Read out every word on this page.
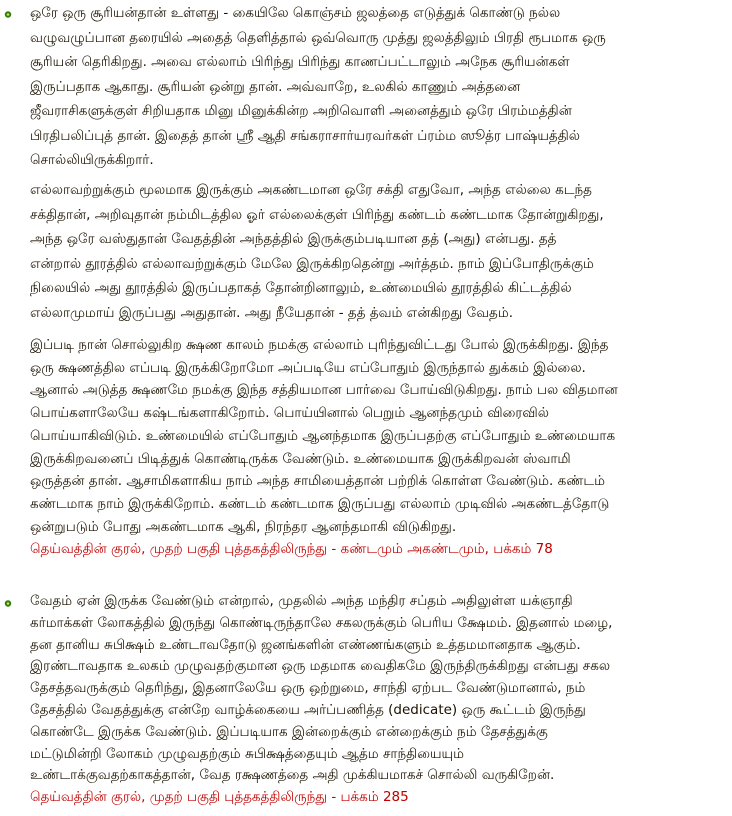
ஒரே ஒரு சூரியன்தான் உள்ளது - கையிலே கொஞ்சம் ஜலத்தை எடுத்துக் கொண்டு நல்ல
வழுவழுப்பான தரையில் அதைத் தெளித்தால் ஒவ்வொரு முத்து ஜலத்திலும் பிரதி ரூபமாக ஒரு
சூரியன் தெரிகிறது. அவை எல்லாம் பிரிந்து பிரிந்து காணப்பட்டாலும் அநேக சூரியன்கள்
இருப்பதாக ஆகாது. சூரியன் ஒன்று தான். அவ்வாறே, உலகில் காணும் அத்தனை
ஜீவராசிகளுக்குள் சிறியதாக மினு மினுக்கின்ற அறிவொளி அனைத்தும் ஒரே பிரம்மத்தின்
பிரதிபலிப்புத் தான். இதைத் தான் ஸ்ரீ ஆதி சங்கராசார்யரவர்கள் ப்ரம்ம ஸூத்ர பாஷ்யத்தில்
சொல்லியிருக்கிறார்.
எல்லாவற்றுக்கும் மூலமாக இருக்கும் அகண்டமான ஒரே சக்தி எதுவோ, அந்த எல்லை கடந்த
சக்திதான், அறிவுதான் நம்மிடத்தில ஓர் எல்லைக்குள் பிரிந்து கண்டம் கண்டமாக தோன்றுகிறது,
அந்த ஒரே வஸ்துதான் வேதத்தின் அந்தத்தில் இருக்கும்படியான தத் (அது) என்பது. தத்
என்றால் தூரத்தில் எல்லாவற்றுக்கும் மேலே இருக்கிறதென்று அர்த்தம். நாம் இப்போதிருக்கும்
நிலையில் அது தூரத்தில் இருப்பதாகத் தோன்றினாலும், உண்மையில் தூரத்தில் கிட்டத்தில்
எல்லாமுமாய் இருப்பது அதுதான். அது நீயேதான் - தத் த்வம் என்கிறது வேதம்.
இப்படி நான் சொல்லுகிற க்ஷண காலம் நமக்கு எல்லாம் புரிந்துவிட்டது போல் இருக்கிறது. இந்த
ஒரு க்ஷணத்தில எப்படி இருக்கிறோமோ அப்படியே எப்போதும் இருந்தால் துக்கம் இல்லை.
ஆனால் அடுத்த க்ஷணமே நமக்கு இந்த சத்தியமான பார்வை போய்விடுகிறது. நாம் பல விதமான
பொய்களாலேயே கஷ்டங்களாகிறோம். பொய்யினால் பெறும் ஆனந்தமும் விரைவில்
பொய்யாகிவிடும். உண்மையில் எப்போதும் ஆனந்தமாக இருப்பதற்கு எப்போதும் உண்மையாக
இருக்கிறவனைப் பிடித்துக் கொண்டிருக்க வேண்டும். உண்மையாக இருக்கிறவன் ஸ்வாமி
ஒருத்தன் தான். ஆசாமிகளாகிய நாம் அந்த சாமியைத்தான் பற்றிக் கொள்ள வேண்டும். கண்டம்
கண்டமாக நாம் இருக்கிறோம். கண்டம் கண்டமாக இருப்பது எல்லாம் முடிவில் அகண்டத்தோடு
ஒன்றுபடும் போது அகண்டமாக ஆகி, நிரந்தர ஆனந்தமாகி விடுகிறது.
தெய்வத்தின் குரல், முதற் பகுதி புத்தகத்திலிருந்து - கண்டமும் அகண்டமும், பக்கம் 78
வேதம் ஏன் இருக்க வேண்டும் என்றால், முதலில் அந்த மந்திர சப்தம் அதிலுள்ள யக்ஞாதி
கர்மாக்கள் லோகத்தில் இருந்து கொண்டிருந்தாலே சகலருக்கும் பெரிய க்ஷேமம். இதனால் மழை,
தன தானிய சுபிக்ஷம் உண்டாவதோடு ஜனங்களின் எண்ணங்களும் உத்தமமானதாக ஆகும்.
இரண்டாவதாக உலகம் முழுவதற்குமான ஒரு மதமாக வைதிகமே இருந்திருக்கிறது என்பது சகல
தேசத்தவருக்கும் தெரிந்து, இதனாலேயே ஒரு ஒற்றுமை, சாந்தி ஏற்பட வேண்டுமானால், நம்
தேசத்தில் வேதத்துக்கு என்றே வாழ்க்கையை அர்ப்பணித்த (dedicate) ஒரு கூட்டம் இருந்து
கொண்டே இருக்க வேண்டும். இப்படியாக இன்றைக்கும் என்றைக்கும் நம் தேசத்துக்கு
மட்டுமின்றி லோகம் முழுவதற்கும் சுபிக்ஷத்தையும் ஆத்ம சாந்தியையும்
உண்டாக்குவதற்காகத்தான், வேத ரக்ஷணத்தை அதி முக்கியமாகச் சொல்லி வருகிறேன்.
தெய்வத்தின் குரல், முதற் பகுதி புத்தகத்திலிருந்து - பக்கம் 285
